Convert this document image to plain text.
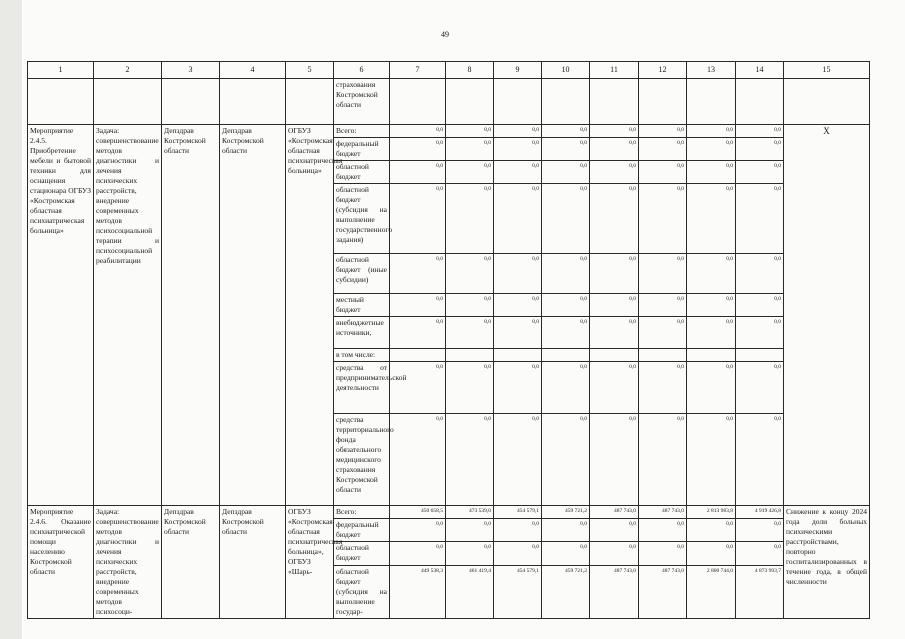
49
1	2	3	4	5	6	7	8	9	10	11	12	13	14	15
					страхования Костромской области									
Мероприятие 2.4.5. Приобретение мебели и бытовой техники для оснащения стационара ОГБУЗ «Костромская областная психиатрическая больница»	Задача: совершенствование методов диагностики и лечения психических расстройств, внедрение современных методов психосоциальной терапии и психосоциальной реабилитации	Депздрав Костромской области	Депздрав Костромской области	ОГБУЗ «Костромская областная психиатрическая больница»	Всего:	0,0	0,0	0,0	0,0	0,0	0,0	0,0	0,0	X
					федеральный бюджет	0,0	0,0	0,0	0,0	0,0	0,0	0,0	0,0	
					областной бюджет	0,0	0,0	0,0	0,0	0,0	0,0	0,0	0,0	
					областной бюджет (субсидия на выполнение государственного задания)	0,0	0,0	0,0	0,0	0,0	0,0	0,0	0,0	
					областной бюджет (иные субсидии)	0,0	0,0	0,0	0,0	0,0	0,0	0,0	0,0	
					местный бюджет	0,0	0,0	0,0	0,0	0,0	0,0	0,0	0,0	
					внебюджетные источники,	0,0	0,0	0,0	0,0	0,0	0,0	0,0	0,0	
					в том числе:									
					средства от предпринимательской деятельности	0,0	0,0	0,0	0,0	0,0	0,0	0,0	0,0	
					средства территориального фонда обязательного медицинского страхования Костромской области	0,0	0,0	0,0	0,0	0,0	0,0	0,0	0,0	
Мероприятие 2.4.6. Оказание психиатрической помощи населению Костромской области	Задача: совершенствование методов диагностики и лечения психических расстройств, внедрение современных методов психосоци-	Депздрав Костромской области	Депздрав Костромской области	ОГБУЗ «Костромская областная психиатрическая больница», ОГБУЗ «Шарь-	Всего:	450 658,5	473 539,0	454 579,1	459 721,2	487 743,0	487 743,0	2 813 983,8	4 919 426,8	Снижение к концу 2024 года доли больных психическими расстройствами, повторно госпитализированных в течение года, в общей численности
					федеральный бюджет	0,0	0,0	0,0	0,0	0,0	0,0	0,0	0,0	
					областной бюджет	0,0	0,0	0,0	0,0	0,0	0,0	0,0	0,0	
					областной бюджет (субсидия на выполнение государ-	449 538,3	461 419,4	454 579,1	459 721,2	487 743,0	487 743,0	2 800 744,0	4 873 993,7	
